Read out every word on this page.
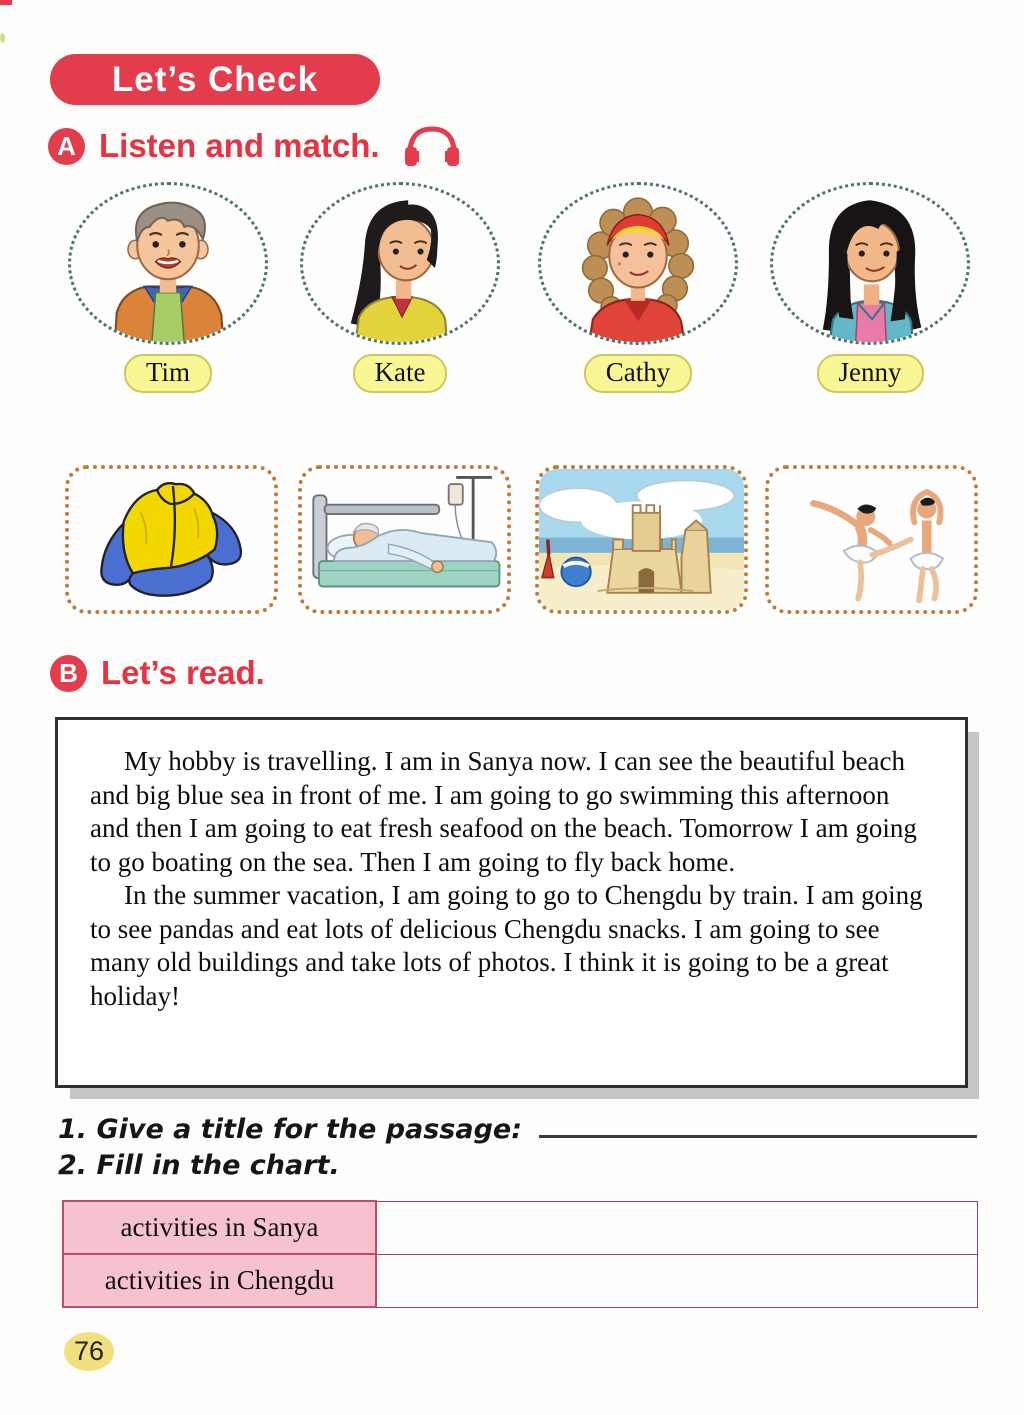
Let’s Check
A Listen and match.
Tim	Kate	Cathy	Jenny
B Let’s read.

My hobby is travelling. I am in Sanya now. I can see the beautiful beach and big blue sea in front of me. I am going to go swimming this afternoon and then I am going to eat fresh seafood on the beach. Tomorrow I am going to go boating on the sea. Then I am going to fly back home.

In the summer vacation, I am going to go to Chengdu by train. I am going to see pandas and eat lots of delicious Chengdu snacks. I am going to see many old buildings and take lots of photos. I think it is going to be a great holiday!

1. Give a title for the passage:
2. Fill in the chart.
activities in Sanya	
activities in Chengdu	
76
